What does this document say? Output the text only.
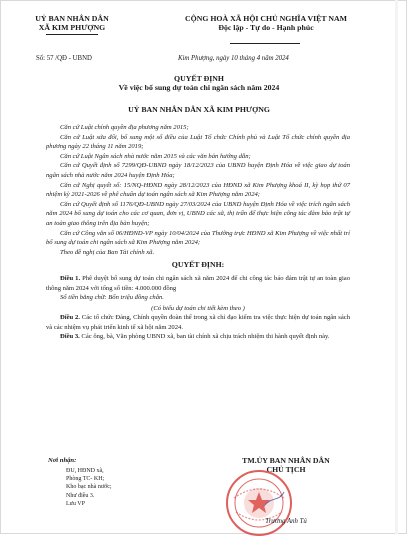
UỶ BAN NHÂN DÂN
XÃ KIM PHƯỢNG
CỘNG HOÀ XÃ HỘI CHỦ NGHĨA VIỆT NAM
Độc lập - Tự do - Hạnh phúc
Số: 57 /QĐ - UBND	Kim Phượng, ngày 10 tháng 4 năm 2024
QUYẾT ĐỊNH
Về việc bổ sung dự toán chi ngân sách năm 2024
UỶ BAN NHÂN DÂN XÃ KIM PHƯỢNG

Căn cứ Luật chính quyền địa phương năm 2015;

Căn cứ Luật sửa đổi, bổ sung một số điều của Luật Tổ chức Chính phủ và Luật Tổ chức chính quyền địa phương ngày 22 tháng 11 năm 2019;

Căn cứ Luật Ngân sách nhà nước năm 2015 và các văn bản hướng dẫn;

Căn cứ Quyết định số 7299/QĐ-UBND ngày 18/12/2023 của UBND huyện Định Hóa về việc giao dự toán ngân sách nhà nước năm 2024 huyện Định Hóa;

Căn cứ Nghị quyết số: 15/NQ-HĐND ngày 28/12/2023 của HĐND xã Kim Phượng khoá II, kỳ họp thứ 07 nhiệm kỳ 2021-2026 về phê chuẩn dự toán ngân sách xã Kim Phượng năm 2024;

Căn cứ Quyết định số 1176/QĐ-UBND ngày 27/03/2024 của UBND huyện Định Hóa về việc trích ngân sách năm 2024 bổ sung dự toán cho các cơ quan, đơn vị, UBND các xã, thị trấn để thực hiện công tác đảm bảo trật tự an toàn giao thông trên địa bàn huyện;

Căn cứ Công văn số 06/HĐND-VP ngày 10/04/2024 của Thường trực HĐND xã Kim Phượng về việc nhất trí bổ sung dự toán chi ngân sách xã Kim Phượng năm 2024;

Theo đề nghị của Ban Tài chính xã.

QUYẾT ĐỊNH:

Điều 1. Phê duyệt bổ sung dự toán chi ngân sách xã năm 2024 để chi công tác bảo đảm trật tự an toàn giao thông năm 2024 với tổng số tiền: 4.000.000 đồng

Số tiền bằng chữ: Bốn triệu đồng chẵn.

(Có biểu dự toán chi tiết kèm theo )

Điều 2. Các tổ chức Đảng, Chính quyền đoàn thể trong xã chỉ đạo kiểm tra việc thực hiện dự toán ngân sách và các nhiệm vụ phát triển kinh tế xã hội năm 2024.

Điều 3. Các ông, bà, Văn phòng UBND xã, ban tài chính xã chịu trách nhiệm thi hành quyết định này.

Nơi nhận:
ĐU, HĐND xã,
Phòng TC- KH;
Kho bạc nhà nước;
Như điều 3.
Lưu VP
TM.ỦY BAN NHÂN DÂN
CHỦ TỊCH
Trương Anh Tú
